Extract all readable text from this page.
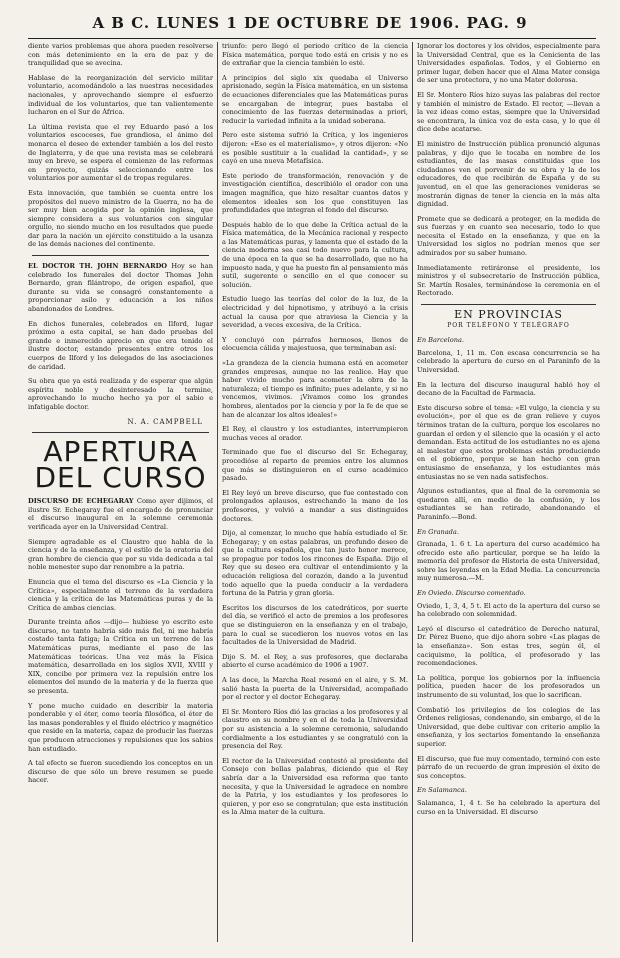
A B C. LUNES 1 DE OCTUBRE DE 1906. PAG. 9

diente varios problemas que ahora pueden resolverse con más detenimiento en la era de paz y de tranquilidad que se avecina.

Hablase de la reorganización del servicio militar voluntario, acomodándolo a las nuestras necesidades nacionales, y aprovechando siempre el esfuerzo individual de los voluntarios, que tan valientemente lucharon en el Sur de África.

La última revista que el rey Eduardo pasó a los voluntarios escoceses, fue grandiosa, el ánimo del monarca el deseo de extender también a los del resto de Inglaterra, y de que una revista mas se celebrará muy en breve, se espera el comienzo de las reformas en proyecto, quizás seleccionando entre los voluntarios por aumentar el de tropas regulares.

Esta innovación, que también se cuenta entre los propósitos del nuevo ministro de la Guerra, no ha de ser muy bien acogida por la opinión inglesa, que siempre considera a sus voluntarios con singular orgullo, no siendo mucho en los resultados que puede dar para la nación un ejército constituido a la usanza de las demás naciones del continente.

EL DOCTOR TH. JOHN BERNARDO Hoy se han celebrado los funerales del doctor Thomas John Bernardo, gran filántropo, de origen español, que durante su vida se consagró constantemente a proporcionar asilo y educación a los niños abandonados de Londres.

En dichos funerales, celebrados en Ilford, lugar próximo a esta capital, se han dado pruebas del grande e inmerecido aprecio en que era tenido el ilustre doctor, estando presentes entre otros los cuerpos de Ilford y los delegados de las asociaciones de caridad.

Su obra que ya está realizada y de esperar que algún espíritu noble y desinteresado la termine, aprovechando lo mucho hecho ya por el sabio e infatigable doctor.

N. A. CAMPBELL
APERTURA DEL CURSO

DISCURSO DE ECHEGARAY Como ayer dijimos, el ilustre Sr. Echegaray fue el encargado de pronunciar el discurso inaugural en la solemne ceremonia verificada ayer en la Universidad Central.

Siempre agradable es el Claustro que habla de la ciencia y de la enseñanza, y el estilo de la oratoria del gran hombre de ciencia que por su vida dedicada a tal noble menester supo dar renombre a la patria.

Enuncia que el tema del discurso es «La Ciencia y la Crítica», especialmente el terreno de la verdadera ciencia y la crítica de las Matemáticas puras y de la Crítica de ambas ciencias.

Durante treinta años —dijo— hubiese yo escrito este discurso, no tanto habría sido más fiel, ni me habría costado tanta fatiga; la Crítica en un terreno de las Matemáticas puras, mediante el paso de las Matemáticas teóricas. Una vez más la Física matemática, desarrollada en los siglos XVII, XVIII y XIX, concibe por primera vez la repulsión entre los elementos del mundo de la materia y de la fuerza que se presenta.

Y pone mucho cuidado en describir la materia ponderable y el éter, como teoría filosófica, el éter de las masas ponderables y el fluido eléctrico y magnético que reside en la materia, capaz de producir las fuerzas que producen atracciones y repulsiones que los sabios han estudiado.

A tal efecto se fueron sucediendo los conceptos en un discurso de que sólo un breve resumen se puede hacer.

triunfo: pero llegó el periodo crítico de la ciencia Física matemática, porque todo está en crisis y no es de extrañar que la ciencia también lo esté.

A principios del siglo xix quedaba el Universo aprisionado, según la Física matemática, en un sistema de ecuaciones diferenciales que las Matemáticas puras se encargaban de integrar, pues bastaba el conocimiento de las fuerzas determinadas a priori, reducir la variedad infinita a la unidad soberana.

Pero este sistema sufrió la Crítica, y los ingenieros dijeron: «Eso es el materialismo», y otros dijeron: «No es posible sustituir a la cualidad la cantidad», y se cayó en una nueva Metafísica.

Este periodo de transformación, renovación y de investigación científica, describiólo el orador con una imagen magnífica, que hizo resaltar cuantos datos y elementos ideales son los que constituyen las profundidades que integran el fondo del discurso.

Después hablo de lo que debe la Crítica actual de la Física matemática, de la Mecánica racional y respecto a las Matemáticas puras, y lamenta que el estado de la ciencia moderna sea casi todo nuevo para la cultura, de una época en la que se ha desarrollado, que no ha impuesto nada, y que ha puesto fin al pensamiento más sutil, sugerente o sencillo en el que conocer su solución.

Estudio luego las teorías del color de la luz, de la electricidad y del hipnotismo, y atribuyó a la crisis actual la causa por que atraviesa la Ciencia y la severidad, a veces excesiva, de la Crítica.

Y concluyó con párrafos hermosos, llenos de elocuencia cálida y majestuosa, que terminaban así:

«La grandeza de la ciencia humana está en acometer grandes empresas, aunque no las realice. Hay que haber vivido mucho para acometer la obra de la naturaleza; el tiempo es infinito; pues adelante, y si no vencemos, vivimos. ¡Vivamos como los grandes hombres, alentados por la ciencia y por la fe de que se han de alcanzar los altos ideales!»

El Rey, el claustro y los estudiantes, interrumpieron muchas veces al orador.

Terminado que fue el discurso del Sr. Echegaray, procedióse al reparto de premios entre los alumnos que más se distinguieron en el curso académico pasado.

El Rey leyó un breve discurso, que fue contestado con prolongados aplausos, estrechando la mano de los profesores, y volvió a mandar a sus distinguidos doctores.

Dijo, al comenzar, lo mucho que había estudiado el Sr. Echegaray; y en estas palabras, un profundo deseo de que la cultura española, que tan justo honor merece, se propague por todos los rincones de España. Dijo el Rey que su deseo era cultivar el entendimiento y la educación religiosa del corazón, dando a la juventud todo aquello que la pueda conducir a la verdadera fortuna de la Patria y gran gloria.

Escritos los discursos de los catedráticos, por suerte del día, se verificó el acto de premios a los profesores que se distinguieron en la enseñanza y en el trabajo, para lo cual se sucedieron los nuevos votos en las facultades de la Universidad de Madrid.

Dijo S. M. el Rey, a sus profesores, que declaraba abierto el curso académico de 1906 a 1907.

A las doce, la Marcha Real resonó en el aire, y S. M. salió hasta la puerta de la Universidad, acompañado por el rector y el doctor Echegaray.

El Sr. Montero Ríos dió las gracias a los profesores y al claustro en su nombre y en el de toda la Universidad por su asistencia a la solemne ceremonia, saludando cordialmente a los estudiantes y se congratuló con la presencia del Rey.

El rector de la Universidad contestó al presidente del Consejo con bellas palabras, diciendo que el Rey sabría dar a la Universidad esa reforma que tanto necesita, y que la Universidad le agradece en nombre de la Patria, y los estudiantes y los profesores lo quieren, y por eso se congratulan; que esta institución es la Alma mater de la cultura.

Ignorar los doctores y los olvidos, especialmente para la Universidad Central, que es la Cenicienta de las Universidades españolas. Todos, y el Gobierno en primer lugar, deben hacer que el Alma Mater consiga de ser una protectora, y no una Mater dolorosa.

El Sr. Montero Ríos hizo suyas las palabras del rector y también el ministro de Estado. El rector, —llevan a la vez ideas como estas, siempre que la Universidad se encontrara, la única voz de esta casa, y lo que él dice debe acatarse.

El ministro de Instrucción pública pronunció algunas palabras, y dijo que le tocaba en nombre de los estudiantes, de las masas constituidas que los ciudadanos ven el porvenir de su obra y la de los educadores, de que recibirán de España y de su juventud, en el que las generaciones venideras se mostrarán dignas de tener la ciencia en la más alta dignidad.

Promete que se dedicará a proteger, en la medida de sus fuerzas y en cuanto sea necesario, todo lo que necesita el Estado en la enseñanza, y que en la Universidad los siglos no podrían menos que ser admirados por su saber humano.

Inmediatamente retiráronse el presidente, los ministros y el subsecretario de Instrucción pública, Sr. Martín Rosales, terminándose la ceremonia en el Rectorado.

EN PROVINCIAS
POR TELÉFONO Y TELÉGRAFO

En Barcelona.

Barcelona, 1, 11 m. Con escasa concurrencia se ha celebrado la apertura de curso en el Paraninfo de la Universidad.

En la lectura del discurso inaugural habló hoy el decano de la Facultad de Farmacia.

Este discurso sobre el tema: «El vulgo, la ciencia y su evolución», por el que es de gran relieve y cuyos términos tratan de la cultura, porque los escolares no guardan el orden y el silencio que la ocasión y el acto demandan. Esta actitud de los estudiantes no es ajena al malestar que estos problemas están produciendo en el gobierno, porque se han hecho con gran entusiasmo de enseñanza, y los estudiantes más entusiastas no se ven nada satisfechos.

Algunos estudiantes, que al final de la ceremonia se quedaron allí, en medio de la confusión, y los estudiantes se han retirado, abandonando el Paraninfo.—Bond.

En Granada.

Granada, 1. 6 t. La apertura del curso académico ha ofrecido este año particular, porque se ha leído la memoria del profesor de Historia de esta Universidad, sobre las leyendas en la Edad Media. La concurrencia muy numerosa.—M.

En Oviedo. Discurso comentado.

Oviedo, 1, 3, 4, 5 t. El acto de la apertura del curso se ha celebrado con solemnidad.

Leyó el discurso el catedrático de Derecho natural, Dr. Pérez Bueno, que dijo ahora sobre «Las plagas de la enseñanza». Son estas tres, según él, el caciquismo, la política, el profesorado y las recomendaciones.

La política, porque los gobiernos por la influencia política, pueden hacer de los profesorados un instrumento de su voluntad, los que lo sacrifican.

Combatió los privilegios de los colegios de las Órdenes religiosas, condenando, sin embargo, el de la Universidad, que debe cultivar con criterio amplio la enseñanza, y los sectarios fomentando la enseñanza superior.

El discurso, que fue muy comentado, terminó con este párrafo de un recuerdo de gran impresión el éxito de sus conceptos.

En Salamanca.

Salamanca, 1, 4 t. Se ha celebrado la apertura del curso en la Universidad. El discurso
